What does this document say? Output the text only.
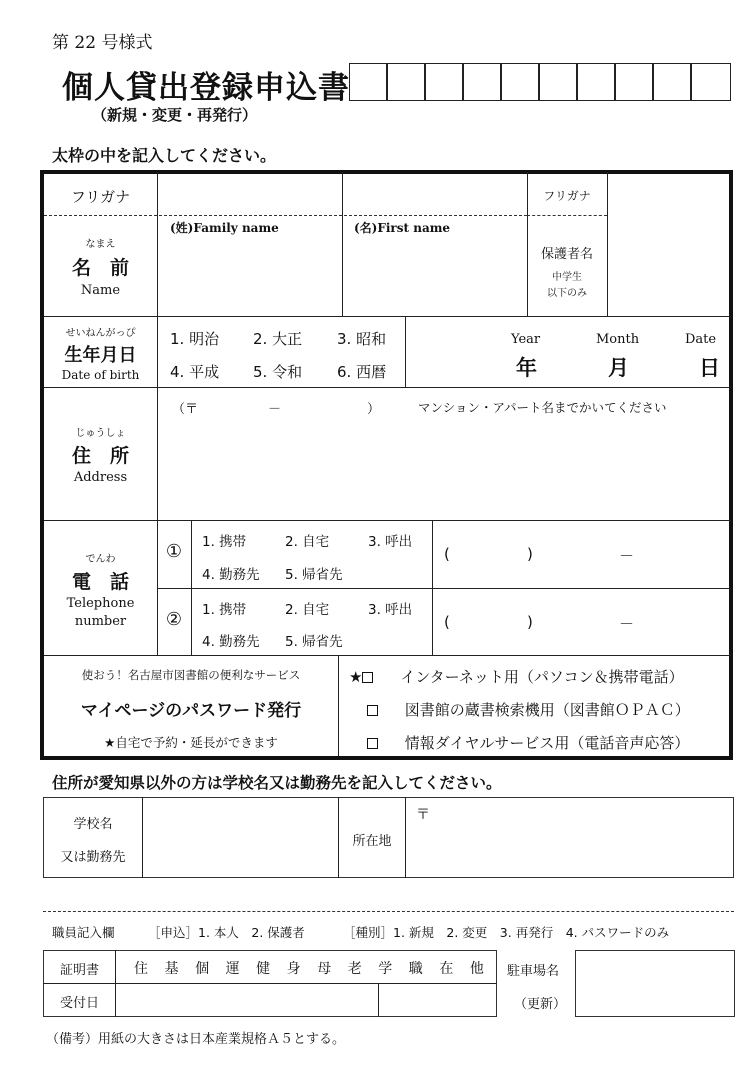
第 22 号様式
個人貸出登録申込書
（新規・変更・再発行）
太枠の中を記入してください。
フリガナ	フリガナ
なまえ
名　前
Name
(姓)Family name	(名)First name
保護者名
中学生
以下のみ
せいねんがっぴ
生年月日
Date of birth
1. 明治 2. 大正 3. 昭和
4. 平成 5. 令和 6. 西暦
Year	Month	Date
年	月	日
じゅうしょ
住　所
Address
（〒	－	）	マンション・アパート名までかいてください
でんわ
電　話
Telephone
number
①	1. 携帯	2. 自宅	3. 呼出
4. 勤務先 5. 帰省先
(	)	－
②	1. 携帯	2. 自宅	3. 呼出
4. 勤務先 5. 帰省先
(	)	－
使おう！名古屋市図書館の便利なサービス
マイページのパスワード発行
★自宅で予約・延長ができます
★	インターネット用（パソコン＆携帯電話）
図書館の蔵書検索機用（図書館ＯＰＡＣ）
情報ダイヤルサービス用（電話音声応答）
住所が愛知県以外の方は学校名又は勤務先を記入してください。
学校名
又は勤務先
所在地
〒
職員記入欄	［申込］1. 本人　2. 保護者	［種別］1. 新規　2. 変更　3. 再発行　4. パスワードのみ
証明書	住 基 個 運 健 身 母 老 学 職 在 他
受付日
駐車場名
（更新）
（備考）用紙の大きさは日本産業規格Ａ５とする。
